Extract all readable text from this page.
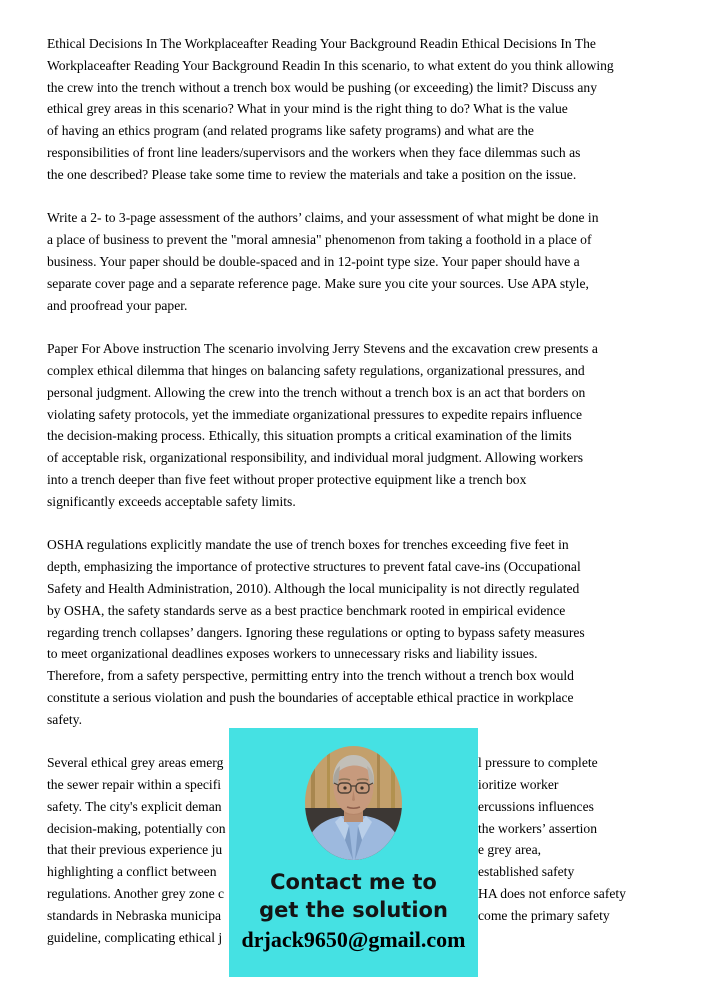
Ethical Decisions In The Workplaceafter Reading Your Background Readin Ethical Decisions In The
Workplaceafter Reading Your Background Readin In this scenario, to what extent do you think allowing
the crew into the trench without a trench box would be pushing (or exceeding) the limit? Discuss any
ethical grey areas in this scenario? What in your mind is the right thing to do? What is the value
of having an ethics program (and related programs like safety programs) and what are the
responsibilities of front line leaders/supervisors and the workers when they face dilemmas such as
the one described? Please take some time to review the materials and take a position on the issue.

Write a 2- to 3-page assessment of the authors’ claims, and your assessment of what might be done in
a place of business to prevent the "moral amnesia" phenomenon from taking a foothold in a place of
business. Your paper should be double-spaced and in 12-point type size. Your paper should have a
separate cover page and a separate reference page. Make sure you cite your sources. Use APA style,
and proofread your paper.

Paper For Above instruction The scenario involving Jerry Stevens and the excavation crew presents a
complex ethical dilemma that hinges on balancing safety regulations, organizational pressures, and
personal judgment. Allowing the crew into the trench without a trench box is an act that borders on
violating safety protocols, yet the immediate organizational pressures to expedite repairs influence
the decision-making process. Ethically, this situation prompts a critical examination of the limits
of acceptable risk, organizational responsibility, and individual moral judgment. Allowing workers
into a trench deeper than five feet without proper protective equipment like a trench box
significantly exceeds acceptable safety limits.

OSHA regulations explicitly mandate the use of trench boxes for trenches exceeding five feet in
depth, emphasizing the importance of protective structures to prevent fatal cave-ins (Occupational
Safety and Health Administration, 2010). Although the local municipality is not directly regulated
by OSHA, the safety standards serve as a best practice benchmark rooted in empirical evidence
regarding trench collapses’ dangers. Ignoring these regulations or opting to bypass safety measures
to meet organizational deadlines exposes workers to unnecessary risks and liability issues.
Therefore, from a safety perspective, permitting entry into the trench without a trench box would
constitute a serious violation and push the boundaries of acceptable ethical practice in workplace
safety.

Several ethical grey areas emerg	l pressure to complete
the sewer repair within a specifi	ioritize worker
safety. The city's explicit deman	ercussions influences
decision-making, potentially con	the workers’ assertion
that their previous experience ju	e grey area,
highlighting a conflict between	established safety
regulations. Another grey zone c	HA does not enforce safety
standards in Nebraska municipa	come the primary safety
guideline, complicating ethical j
Contact me to
get the solution
drjack9650@gmail.com
